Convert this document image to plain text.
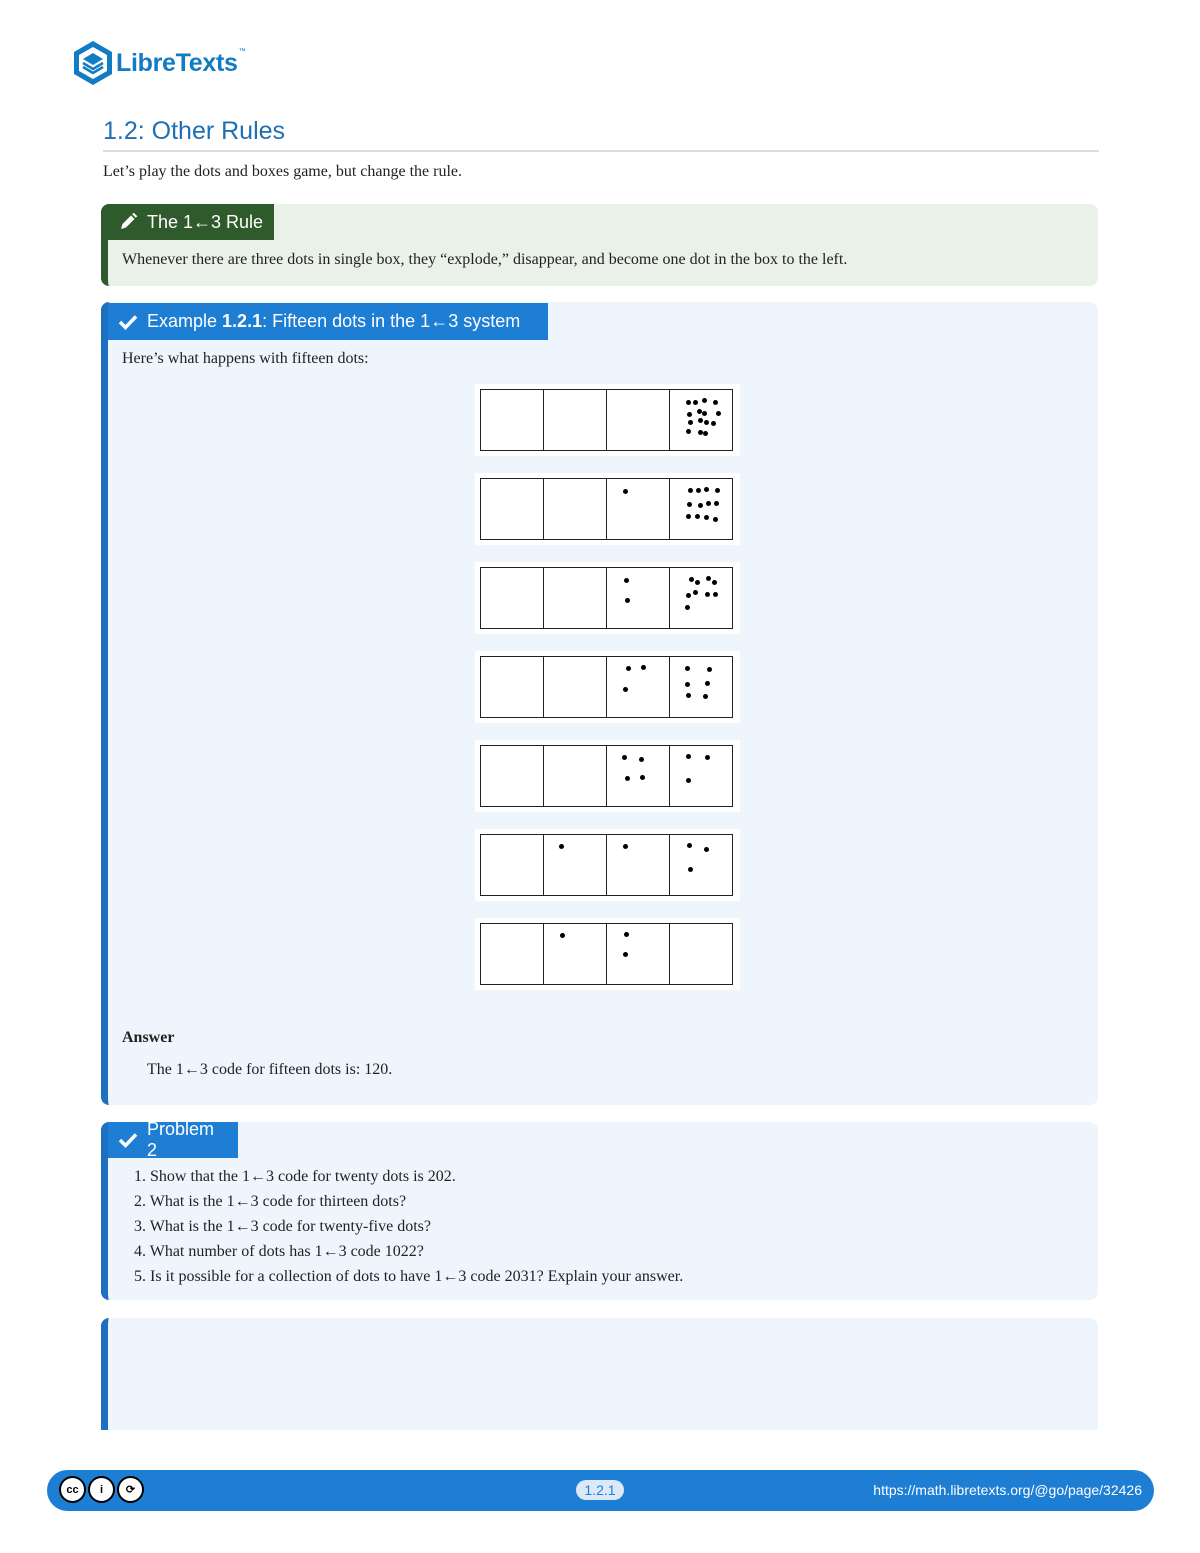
LibreTexts ™
1.2: Other Rules

Let’s play the dots and boxes game, but change the rule.

The 1←3 Rule

Whenever there are three dots in single box, they “explode,” disappear, and become one dot in the box to the left.

Example 1.2.1 : Fifteen dots in the 1←3 system

Here’s what happens with fifteen dots:

Answer

The 1←3 code for fifteen dots is: 120.

Problem 2
1. Show that the 1←3 code for twenty dots is 202.
2. What is the 1←3 code for thirteen dots?
3. What is the 1←3 code for twenty-five dots?
4. What number of dots has 1←3 code 1022?
5. Is it possible for a collection of dots to have 1←3 code 2031? Explain your answer.
cc	i	⟳	1.2.1	https://math.libretexts.org/@go/page/32426
